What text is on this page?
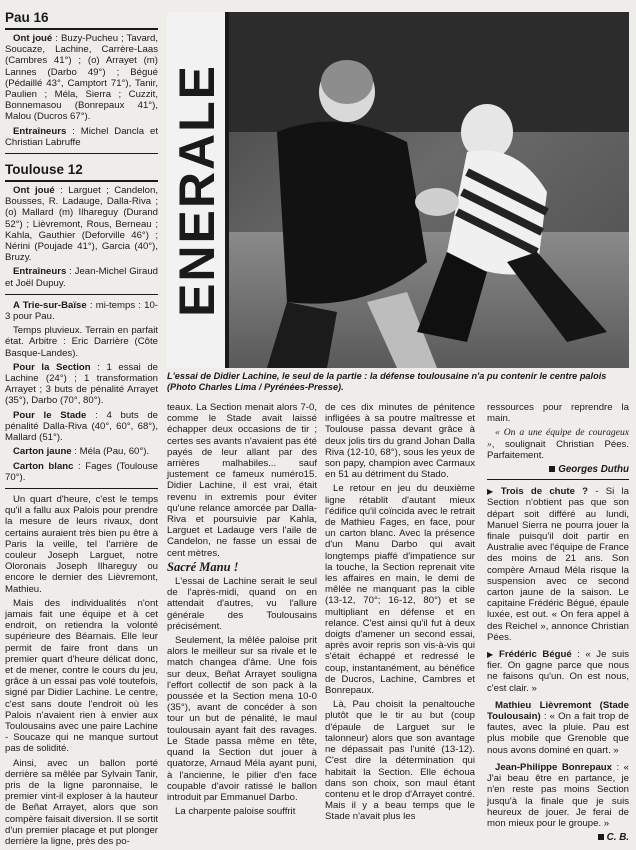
Pau 16

Ont joué : Buzy-Pucheu ; Tavard, Soucaze, Lachine, Carrère-Laas (Cambres 41°) ; (o) Arrayet (m) Lannes (Darbo 49°) ; Bégué (Pédaillé 43°, Camptort 71°), Tanir, Paulien ; Méla, Sierra ; Cuzzit, Bonnemasou (Bonrepaux 41°), Malou (Ducros 67°).

Entraîneurs : Michel Dancla et Christian Labruffe

Toulouse 12

Ont joué : Larguet ; Candelon, Bousses, R. Ladauge, Dalla-Riva ; (o) Mallard (m) Ilhareguy (Durand 52°) ; Lièvremont, Rous, Berneau ; Kahla, Gauthier (Deforville 46°) ; Nérini (Poujade 41°), Garcia (40°), Bruzy.

Entraîneurs : Jean-Michel Giraud et Joël Dupuy.

A Trie-sur-Baïse : mi-temps : 10-3 pour Pau.

Temps pluvieux. Terrain en parfait état. Arbitre : Eric Darrière (Côte Basque-Landes).

Pour la Section : 1 essai de Lachine (24°) ; 1 transformation Arrayet ; 3 buts de pénalité Arrayet (35°), Darbo (70°, 80°).

Pour le Stade : 4 buts de pénalité Dalla-Riva (40°, 60°, 68°), Mallard (51°).

Carton jaune : Méla (Pau, 60°).

Carton blanc : Fages (Toulouse 70°).

Un quart d'heure, c'est le temps qu'il a fallu aux Palois pour prendre la mesure de leurs rivaux, dont certains auraient très bien pu être à Paris la veille, tel l'arrière de couleur Joseph Larguet, notre Oloronais Joseph Ilhareguy ou encore le dernier des Lièvremont, Mathieu.

Mais des individualités n'ont jamais fait une équipe et à cet endroit, on retiendra la volonté supérieure des Béarnais. Elle leur permit de faire front dans un premier quart d'heure délicat donc, et de mener, contre le cours du jeu, grâce à un essai pas volé toutefois, signé par Didier Lachine. Le centre, c'est sans doute l'endroit où les Palois n'avaient rien à envier aux Toulousains avec une paire Lachine - Soucaze qui ne manque surtout pas de solidité.

Ainsi, avec un ballon porté derrière sa mêlée par Sylvain Tanir, pris de la ligne paronnaise, le premier vint-il exploser à la hauteur de Beñat Arrayet, alors que son compère faisait diversion. Il se sortit d'un premier placage et put plonger derrière la ligne, près des po-

ENERALE
L'essai de Didier Lachine, le seul de la partie : la défense toulousaine n'a pu contenir le centre palois (Photo Charles Lima / Pyrénées-Presse).

teaux. La Section menait alors 7-0, comme le Stade avait laissé échapper deux occasions de tir ; certes ses avants n'avaient pas été payés de leur allant par des arrières malhabiles... sauf justement ce fameux numéro15. Didier Lachine, il est vrai, était revenu in extremis pour éviter qu'une relance amorcée par Dalla-Riva et poursuivie par Kahla, Larguet et Ladauge vers l'aile de Candelon, ne fasse un essai de cent mètres.

Sacré Manu !

L'essai de Lachine serait le seul de l'après-midi, quand on en attendait d'autres, vu l'allure générale des Toulousains précisément.

Seulement, la mêlée paloise prit alors le meilleur sur sa rivale et le match changea d'âme. Une fois sur deux, Beñat Arrayet souligna l'effort collectif de son pack à la poussée et la Section mena 10-0 (35°), avant de concéder à son tour un but de pénalité, le maul toulousain ayant fait des ravages. Le Stade passa même en tête, quand la Section dut jouer à quatorze, Arnaud Méla ayant puni, à l'ancienne, le pilier d'en face coupable d'avoir ratissé le ballon introduit par Emmanuel Darbo.

La charpente paloise souffrit

de ces dix minutes de pénitence infligées à sa poutre maîtresse et Toulouse passa devant grâce à deux jolis tirs du grand Johan Dalla Riva (12-10, 68°), sous les yeux de son papy, champion avec Carmaux en 51 au détriment du Stado.

Le retour en jeu du deuxième ligne rétablit d'autant mieux l'édifice qu'il coïncida avec le retrait de Mathieu Fages, en face, pour un carton blanc. Avec la présence d'un Manu Darbo qui avait longtemps piaffé d'impatience sur la touche, la Section reprenait vite les affaires en main, le demi de mêlée ne manquant pas la cible (13-12, 70°; 16-12, 80°) et se multipliant en défense et en relance. C'est ainsi qu'il fut à deux doigts d'amener un second essai, après avoir repris son vis-à-vis qui s'était échappé et redressé le coup, instantanément, au bénéfice de Ducros, Lachine, Cambres et Bonrepaux.

Là, Pau choisit la penaltouche plutôt que le tir au but (coup d'épaule de Larguet sur le talonneur) alors que son avantage ne dépassait pas l'unité (13-12). C'est dire la détermination qui habitait la Section. Elle échoua dans son choix, son maul étant contenu et le drop d'Arrayet contré. Mais il y a beau temps que le Stade n'avait plus les

ressources pour reprendre la main.

« On a une équipe de courageux », soulignait Christian Pées. Parfaitement.

Georges Duthu

▶ Trois de chute ? - Si la Section n'obtient pas que son départ soit différé au lundi, Manuel Sierra ne pourra jouer la finale puisqu'il doit partir en Australie avec l'équipe de France des moins de 21 ans. Son compère Arnaud Méla risque la suspension avec ce second carton jaune de la saison. Le capitaine Frédéric Bégué, épaule luxée, est out. « On fera appel à des Reichel », annonce Christian Pées.

▶ Frédéric Bégué : « Je suis fier. On gagne parce que nous ne faisons qu'un. On est nous, c'est clair. »

Mathieu Lièvremont (Stade Toulousain) : « On a fait trop de fautes, avec la pluie. Pau est plus mobile que Grenoble que nous avons dominé en quart. »

Jean-Philippe Bonrepaux : « J'ai beau être en partance, je n'en reste pas moins Section jusqu'à la finale que je suis heureux de jouer. Je ferai de mon mieux pour le groupe. »

C. B.
